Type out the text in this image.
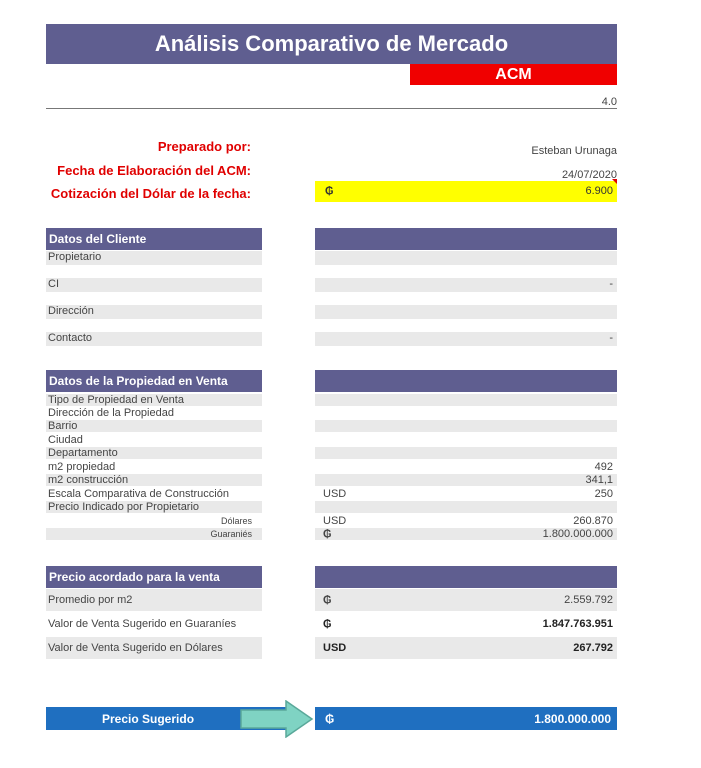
Análisis Comparativo de Mercado
ACM
4.0
Preparado por:	Esteban Urunaga
Fecha de Elaboración del ACM:	24/07/2020
Cotización del Dólar de la fecha:	₲	6.900
Datos del Cliente
Propietario
CI	-
Dirección
Contacto	-
Datos de la Propiedad en Venta
Tipo de Propiedad en Venta
Dirección de la Propiedad
Barrio
Ciudad
Departamento
m2 propiedad	492
m2 construcción	341,1
Escala Comparativa de Construcción	USD	250
Precio Indicado por Propietario
Dólares	USD	260.870
Guaraniés	₲	1.800.000.000
Precio acordado para la venta
Promedio por m2	₲	2.559.792
Valor de Venta Sugerido en Guaraníes	₲	1.847.763.951
Valor de Venta Sugerido en Dólares	USD	267.792
Precio Sugerido	₲	1.800.000.000
